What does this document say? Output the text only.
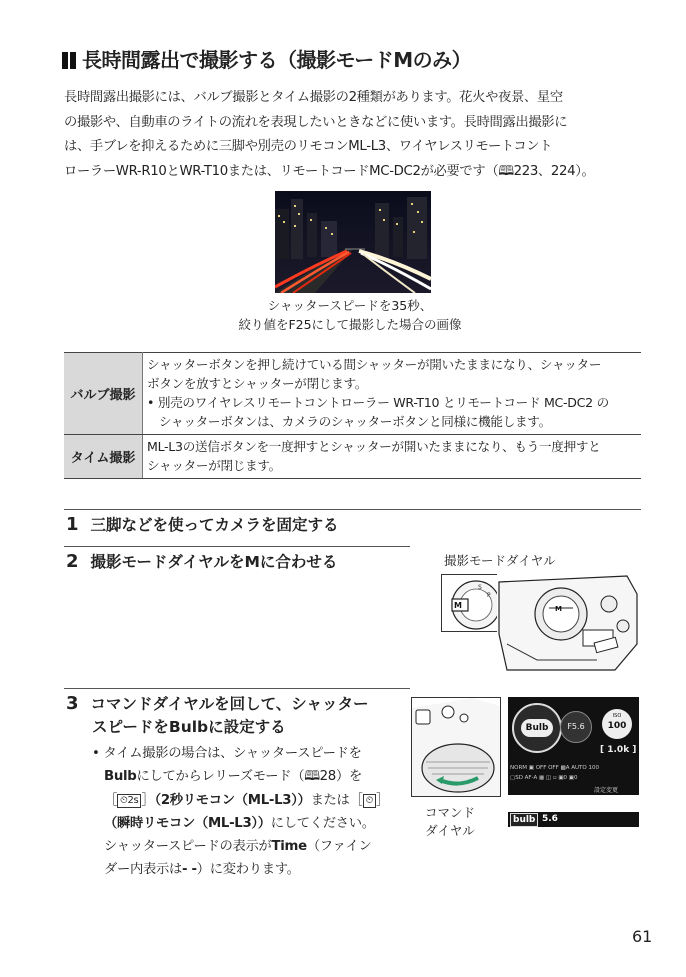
長時間露出で撮影する（撮影モードMのみ）
長時間露出撮影には、バルブ撮影とタイム撮影の2種類があります。花火や夜景、星空
の撮影や、自動車のライトの流れを表現したいときなどに使います。長時間露出撮影に
は、手ブレを抑えるために三脚や別売のリモコンML-L3、ワイヤレスリモートコント
ローラーWR-R10とWR-T10または、リモートコードMC-DC2が必要です（🕮223、224）。
シャッタースピードを35秒、
絞り値をF25にして撮影した場合の画像
バルブ撮影	シャッターボタンを押し続けている間シャッターが開いたままになり、シャッター
ボタンを放すとシャッターが閉じます。
• 別売のワイヤレスリモートコントローラー WR-T10 とリモートコード MC-DC2 の
シャッターボタンは、カメラのシャッターボタンと同様に機能します。

タイム撮影	ML-L3の送信ボタンを一度押すとシャッターが開いたままになり、もう一度押すと
シャッターが閉じます。
1 三脚などを使ってカメラを固定する
2 撮影モードダイヤルをMに合わせる	撮影モードダイヤル
M
S
P
M
3 コマンドダイヤルを回して、シャッター
スピードをBulbに設定する
• タイム撮影の場合は、シャッタースピードを
Bulbにしてからレリーズモード（🕮28）を
［ ⏲2s ］（2秒リモコン（ML-L3））または［ ⏲ ］
（瞬時リモコン（ML-L3））にしてください。
シャッタースピードの表示がTime（ファイン
ダー内表示は- -）に変わります。
コマンド
ダイヤル
Bulb	F5.6
ISO
100
[ 1.0k ]
NORM ▣ OFF OFF ▩A AUTO 100
▢SD AF-A ▦ ◫ ▫ ▣0 ▣0
設定変更
bulb 5.6
61
